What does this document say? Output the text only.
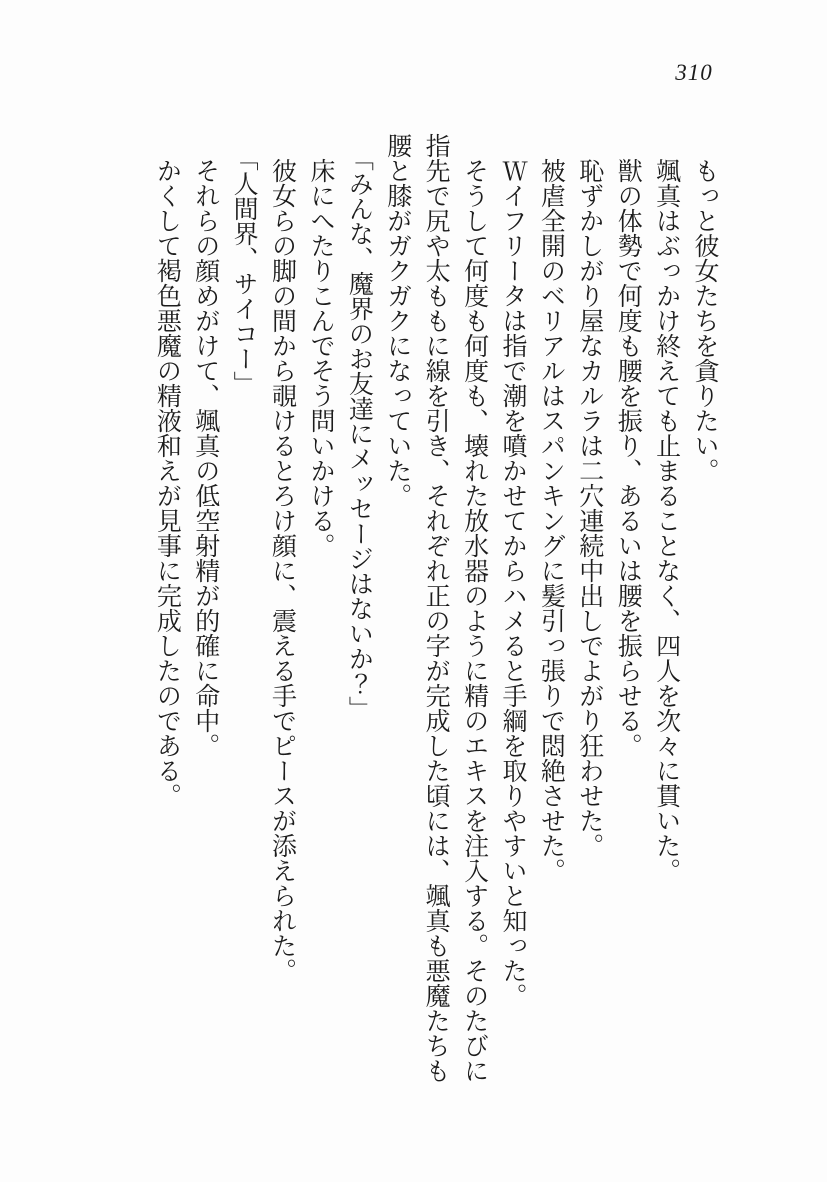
310

もっと彼女たちを貪りたい。

颯真はぶっかけ終えても止まることなく、四人を次々に貫いた。

獣の体勢で何度も腰を振り、あるいは腰を振らせる。

恥ずかしがり屋なカルラは二穴連続中出しでよがり狂わせた。

被虐全開のベリアルはスパンキングに髪引っ張りで悶絶させた。

Ｗイフリータは指で潮を噴かせてからハメると手綱を取りやすいと知った。

そうして何度も何度も、壊れた放水器のように精のエキスを注入する。そのたびに

指先で尻や太ももに線を引き、それぞれ正の字が完成した頃には、颯真も悪魔たちも

腰と膝がガクガクになっていた。

「みんな、魔界のお友達にメッセージはないか？」

床にへたりこんでそう問いかける。

彼女らの脚の間から覗けるとろけ顔に、震える手でピースが添えられた。

「人間界、サイコー」

それらの顔めがけて、颯真の低空射精が的確に命中。

かくして褐色悪魔の精液和えが見事に完成したのである。
